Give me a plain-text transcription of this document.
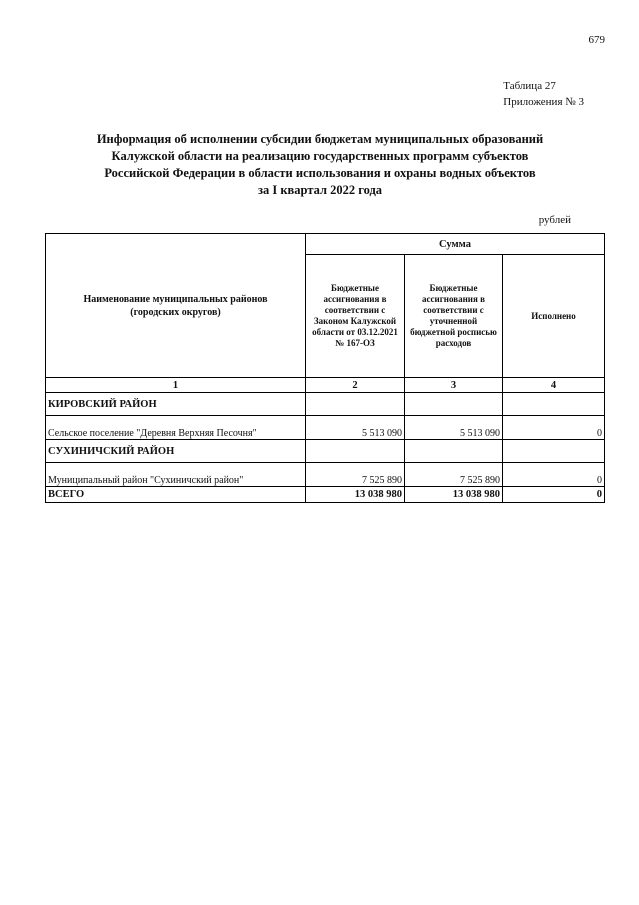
679
Таблица 27
Приложения № 3
Информация об исполнении субсидии бюджетам муниципальных образований
Калужской области на реализацию государственных программ субъектов
Российской Федерации в области использования и охраны водных объектов
за I квартал 2022 года
рублей
Наименование муниципальных районов (городских округов)	Сумма		
	Бюджетные ассигнования в соответствии с Законом Калужской области от 03.12.2021 № 167-ОЗ	Бюджетные ассигнования в соответствии с уточненной бюджетной росписью расходов	Исполнено
1	2	3	4
КИРОВСКИЙ РАЙОН			
Сельское поселение "Деревня Верхняя Песочня"	5 513 090	5 513 090	0
СУХИНИЧСКИЙ РАЙОН			
Муниципальный район "Сухиничский район"	7 525 890	7 525 890	0
ВСЕГО	13 038 980	13 038 980	0
